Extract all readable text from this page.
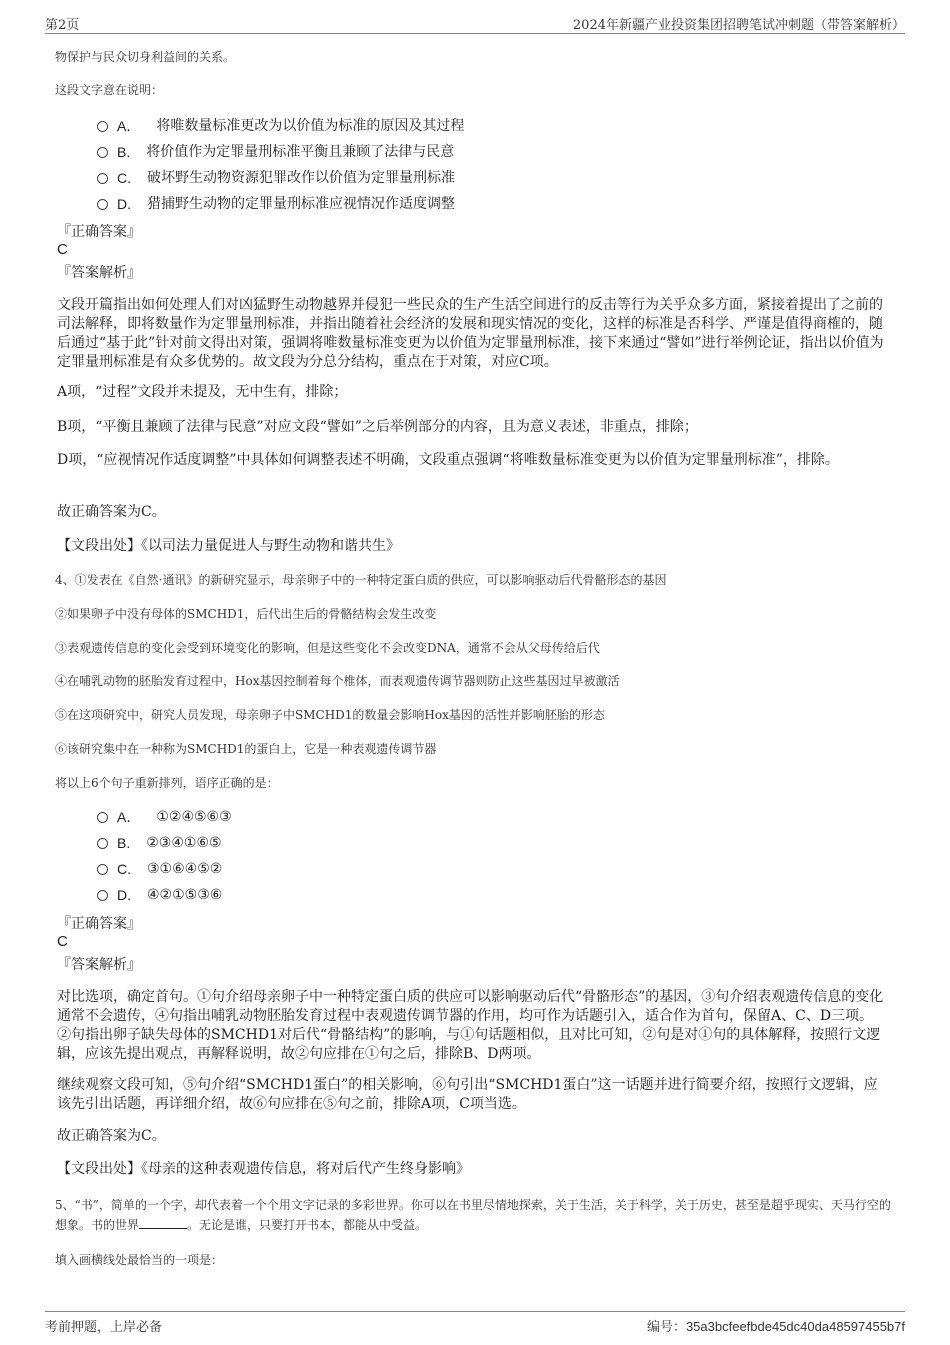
第2页	2024年新疆产业投资集团招聘笔试冲刺题（带答案解析）
物保护与民众切身利益间的关系。
这段文字意在说明：
A． 将唯数量标准更改为以价值为标准的原因及其过程
B. 将价值作为定罪量刑标准平衡且兼顾了法律与民意
C. 破坏野生动物资源犯罪改作以价值为定罪量刑标准
D. 猎捕野生动物的定罪量刑标准应视情况作适度调整
『正确答案』
C
『答案解析』
文段开篇指出如何处理人们对凶猛野生动物越界并侵犯一些民众的生产生活空间进行的反击等行为关乎众多方面，紧接着提出了之前的司法解释，即将数量作为定罪量刑标准，并指出随着社会经济的发展和现实情况的变化，这样的标准是否科学、严谨是值得商榷的，随后通过“基于此”针对前文得出对策，强调将唯数量标准变更为以价值为定罪量刑标准，接下来通过“譬如”进行举例论证，指出以价值为定罪量刑标准是有众多优势的。故文段为分总分结构，重点在于对策，对应C项。
A项，“过程”文段并未提及，无中生有，排除；
B项，“平衡且兼顾了法律与民意”对应文段“譬如”之后举例部分的内容，且为意义表述，非重点，排除；
D项，“应视情况作适度调整”中具体如何调整表述不明确，文段重点强调“将唯数量标准变更为以价值为定罪量刑标准”，排除。
故正确答案为C。
【文段出处】《以司法力量促进人与野生动物和谐共生》
4、①发表在《自然·通讯》的新研究显示，母亲卵子中的一种特定蛋白质的供应，可以影响驱动后代骨骼形态的基因
②如果卵子中没有母体的SMCHD1，后代出生后的骨骼结构会发生改变
③表观遗传信息的变化会受到环境变化的影响，但是这些变化不会改变DNA，通常不会从父母传给后代
④在哺乳动物的胚胎发育过程中，Hox基因控制着每个椎体，而表观遗传调节器则防止这些基因过早被激活
⑤在这项研究中，研究人员发现，母亲卵子中SMCHD1的数量会影响Hox基因的活性并影响胚胎的形态
⑥该研究集中在一种称为SMCHD1的蛋白上，它是一种表观遗传调节器
将以上6个句子重新排列，语序正确的是：
A． ①②④⑤⑥③
B. ②③④①⑥⑤
C. ③①⑥④⑤②
D. ④②①⑤③⑥
『正确答案』
C
『答案解析』
对比选项，确定首句。①句介绍母亲卵子中一种特定蛋白质的供应可以影响驱动后代“骨骼形态”的基因，③句介绍表观遗传信息的变化通常不会遗传，④句指出哺乳动物胚胎发育过程中表观遗传调节器的作用，均可作为话题引入，适合作为首句，保留A、C、D三项。②句指出卵子缺失母体的SMCHD1对后代“骨骼结构”的影响，与①句话题相似，且对比可知，②句是对①句的具体解释，按照行文逻辑，应该先提出观点，再解释说明，故②句应排在①句之后，排除B、D两项。
继续观察文段可知，⑤句介绍“SMCHD1蛋白”的相关影响，⑥句引出“SMCHD1蛋白”这一话题并进行简要介绍，按照行文逻辑，应该先引出话题，再详细介绍，故⑥句应排在⑤句之前，排除A项，C项当选。
故正确答案为C。
【文段出处】《母亲的这种表观遗传信息，将对后代产生终身影响》
5、“书”，简单的一个字，却代表着一个个用文字记录的多彩世界。你可以在书里尽情地探索，关于生活，关于科学，关于历史，甚至是超乎现实、天马行空的想象。书的世界	。无论是谁，只要打开书本，都能从中受益。
填入画横线处最恰当的一项是：
考前押题，上岸必备	编号：35a3bcfeefbde45dc40da48597455b7f
